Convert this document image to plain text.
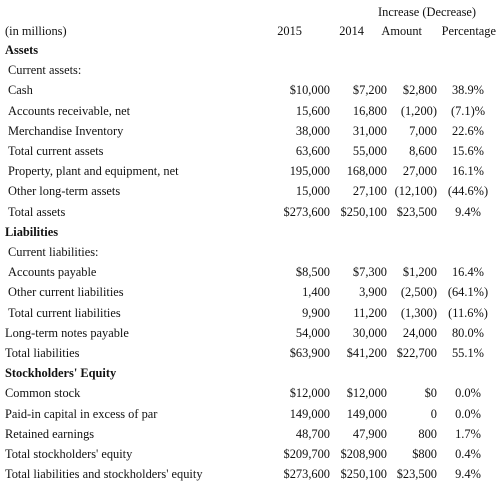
Increase (Decrease)
(in millions)	2015	2014 Amount Percentage
Assets
Current assets:
Cash	$10,000 $7,200 $2,800	38.9%
Accounts receivable, net	15,600 16,800 (1,200)	(7.1)%
Merchandise Inventory	38,000 31,000 7,000	22.6%
Total current assets	63,600 55,000 8,600	15.6%
Property, plant and equipment, net	195,000 168,000 27,000	16.1%
Other long-term assets	15,000 27,100 (12,100) (44.6%)
Total assets	$273,600 $250,100 $23,500	9.4%
Liabilities
Current liabilities:
Accounts payable	$8,500 $7,300 $1,200	16.4%
Other current liabilities	1,400 3,900 (2,500) (64.1%)
Total current liabilities	9,900 11,200 (1,300) (11.6%)
Long-term notes payable	54,000 30,000 24,000	80.0%
Total liabilities	$63,900 $41,200 $22,700	55.1%
Stockholders' Equity
Common stock	$12,000 $12,000	$0	0.0%
Paid-in capital in excess of par	149,000 149,000	0	0.0%
Retained earnings	48,700 47,900	800	1.7%
Total stockholders' equity	$209,700 $208,900 $800	0.4%
Total liabilities and stockholders' equity	$273,600 $250,100 $23,500	9.4%
